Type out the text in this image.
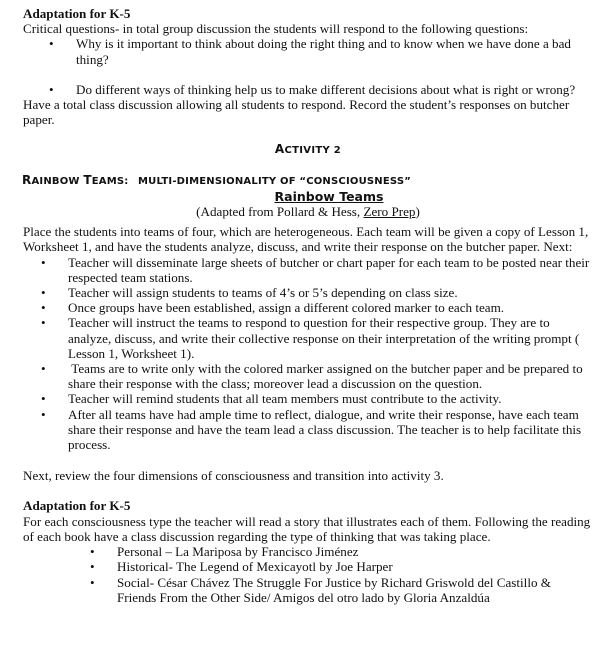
Adaptation for K-5

Critical questions- in total group discussion the students will respond to the following questions:

• Why is it important to think about doing the right thing and to know when we have done a bad thing?
• Do different ways of thinking help us to make different decisions about what is right or wrong?

Have a total class discussion allowing all students to respond. Record the student’s responses on butcher paper.

ACTIVITY 2
RAINBOW TEAMS: MULTI-DIMENSIONALITY OF “CONSCIOUSNESS”
Rainbow Teams
(Adapted from Pollard & Hess, Zero Prep)

Place the students into teams of four, which are heterogeneous. Each team will be given a copy of Lesson 1, Worksheet 1, and have the students analyze, discuss, and write their response on the butcher paper. Next:

• Teacher will disseminate large sheets of butcher or chart paper for each team to be posted near their respected team stations.
• Teacher will assign students to teams of 4’s or 5’s depending on class size.
• Once groups have been established, assign a different colored marker to each team.
• Teacher will instruct the teams to respond to question for their respective group. They are to analyze, discuss, and write their collective response on their interpretation of the writing prompt ( Lesson 1, Worksheet 1).
• Teams are to write only with the colored marker assigned on the butcher paper and be prepared to share their response with the class; moreover lead a discussion on the question.
• Teacher will remind students that all team members must contribute to the activity.
• After all teams have had ample time to reflect, dialogue, and write their response, have each team share their response and have the team lead a class discussion. The teacher is to help facilitate this process.

Next, review the four dimensions of consciousness and transition into activity 3.

Adaptation for K-5

For each consciousness type the teacher will read a story that illustrates each of them. Following the reading of each book have a class discussion regarding the type of thinking that was taking place.

• Personal – La Mariposa by Francisco Jiménez
• Historical- The Legend of Mexicayotl by Joe Harper
• Social- César Chávez The Struggle For Justice by Richard Griswold del Castillo & Friends From the Other Side/ Amigos del otro lado by Gloria Anzaldúa
